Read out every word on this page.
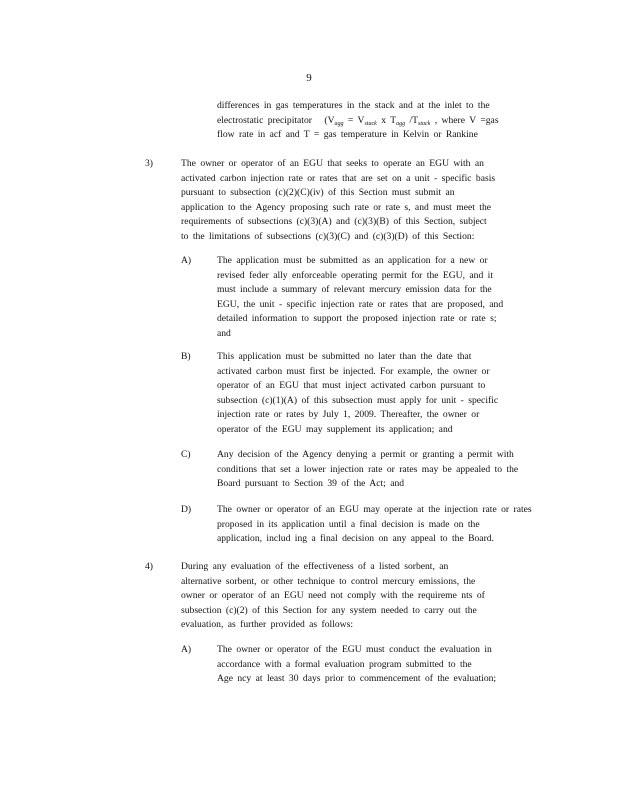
9
differences in gas temperatures in the stack and at the inlet to the
electrostatic precipitator ($V_{agg} = V_{stack}$ x $T_{agg}$ $/T_{stack}$ , where V =gas
flow rate in acf and T = gas temperature in Kelvin or Rankine
3)	The owner or operator of an EGU that seeks to operate an EGU with an
activated carbon injection rate or rates that are set on a unit - specific basis
pursuant to subsection (c)(2)(C)(iv) of this Section must submit an
application to the Agency proposing such rate or rate s, and must meet the
requirements of subsections (c)(3)(A) and (c)(3)(B) of this Section, subject
to the limitations of subsections (c)(3)(C) and (c)(3)(D) of this Section:
A)	The application must be submitted as an application for a new or
revised feder ally enforceable operating permit for the EGU, and it
must include a summary of relevant mercury emission data for the
EGU, the unit - specific injection rate or rates that are proposed, and
detailed information to support the proposed injection rate or rate s;
and
B)	This application must be submitted no later than the date that
activated carbon must first be injected. For example, the owner or
operator of an EGU that must inject activated carbon pursuant to
subsection (c)(1)(A) of this subsection must apply for unit - specific
injection rate or rates by July 1, 2009. Thereafter, the owner or
operator of the EGU may supplement its application; and
C)	Any decision of the Agency denying a permit or granting a permit with
conditions that set a lower injection rate or rates may be appealed to the
Board pursuant to Section 39 of the Act; and
D)	The owner or operator of an EGU may operate at the injection rate or rates
proposed in its application until a final decision is made on the
application, includ ing a final decision on any appeal to the Board.
4)	During any evaluation of the effectiveness of a listed sorbent, an
alternative sorbent, or other technique to control mercury emissions, the
owner or operator of an EGU need not comply with the requireme nts of
subsection (c)(2) of this Section for any system needed to carry out the
evaluation, as further provided as follows:
A)	The owner or operator of the EGU must conduct the evaluation in
accordance with a formal evaluation program submitted to the
Age ncy at least 30 days prior to commencement of the evaluation;
